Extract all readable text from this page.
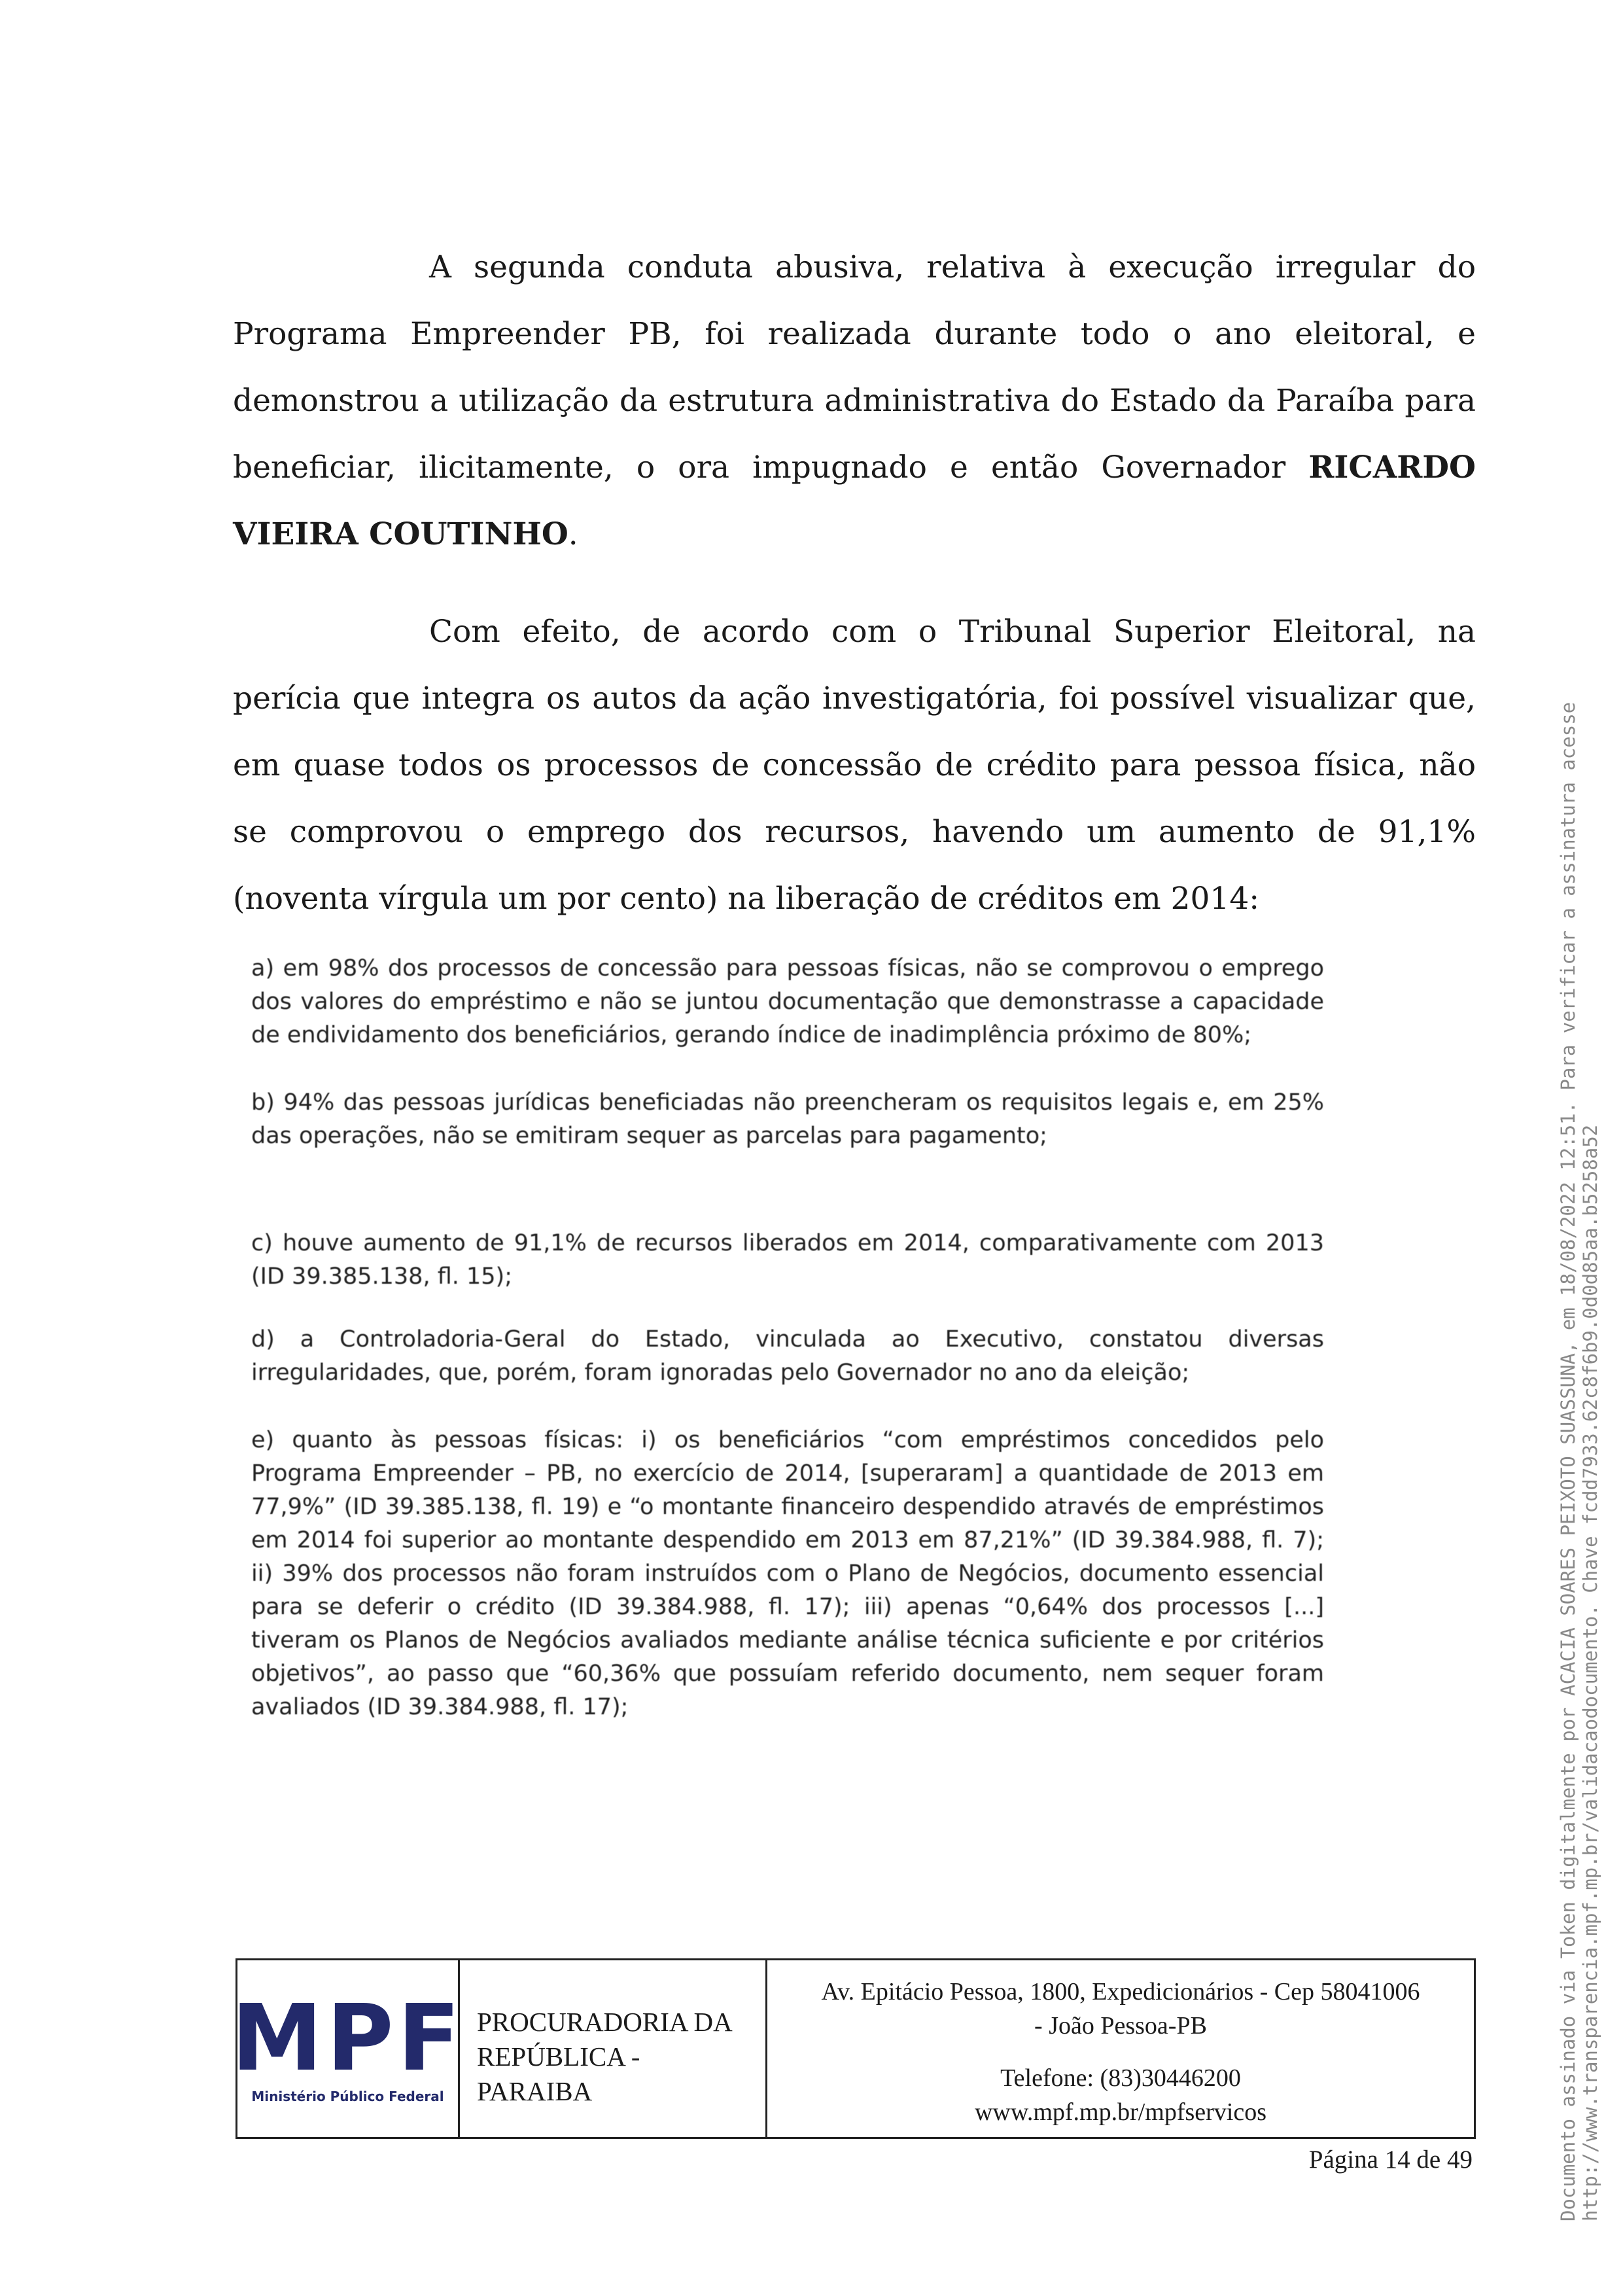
A segunda conduta abusiva, relativa à execução irregular do Programa Empreender PB, foi realizada durante todo o ano eleitoral, e demonstrou a utilização da estrutura administrativa do Estado da Paraíba para beneficiar, ilicitamente, o ora impugnado e então Governador RICARDO VIEIRA COUTINHO.

Com efeito, de acordo com o Tribunal Superior Eleitoral, na perícia que integra os autos da ação investigatória, foi possível visualizar que, em quase todos os processos de concessão de crédito para pessoa física, não se comprovou o emprego dos recursos, havendo um aumento de 91,1% (noventa vírgula um por cento) na liberação de créditos em 2014:

a) em 98% dos processos de concessão para pessoas físicas, não se comprovou o emprego dos valores do empréstimo e não se juntou documentação que demonstrasse a capacidade de endividamento dos beneficiários, gerando índice de inadimplência próximo de 80%;

b) 94% das pessoas jurídicas beneficiadas não preencheram os requisitos legais e, em 25% das operações, não se emitiram sequer as parcelas para pagamento;

c) houve aumento de 91,1% de recursos liberados em 2014, comparativamente com 2013 (ID 39.385.138, fl. 15);

d) a Controladoria-Geral do Estado, vinculada ao Executivo, constatou diversas irregularidades, que, porém, foram ignoradas pelo Governador no ano da eleição;

e) quanto às pessoas físicas: i) os beneficiários “com empréstimos concedidos pelo Programa Empreender – PB, no exercício de 2014, [superaram] a quantidade de 2013 em 77,9%” (ID 39.385.138, fl. 19) e “o montante financeiro despendido através de empréstimos em 2014 foi superior ao montante despendido em 2013 em 87,21%” (ID 39.384.988, fl. 7); ii) 39% dos processos não foram instruídos com o Plano de Negócios, documento essencial para se deferir o crédito (ID 39.384.988, fl. 17); iii) apenas “0,64% dos processos [...] tiveram os Planos de Negócios avaliados mediante análise técnica suficiente e por critérios objetivos”, ao passo que “60,36% que possuíam referido documento, nem sequer foram avaliados (ID 39.384.988, fl. 17);

MPF
Ministério Público Federal
PROCURADORIA DA
REPÚBLICA -
PARAIBA
Av. Epitácio Pessoa, 1800, Expedicionários - Cep 58041006
- João Pessoa-PB
Telefone: (83)30446200
www.mpf.mp.br/mpfservicos
Página 14 de 49	Documento assinado via Token digitalmente por ACACIA SOARES PEIXOTO SUASSUNA, em 18/08/2022 12:51. Para verificar a assinatura acesse http://www.transparencia.mpf.mp.br/validacaodocumento. Chave fcdd7933.62c8f6b9.0d0d85aa.b5258a52
